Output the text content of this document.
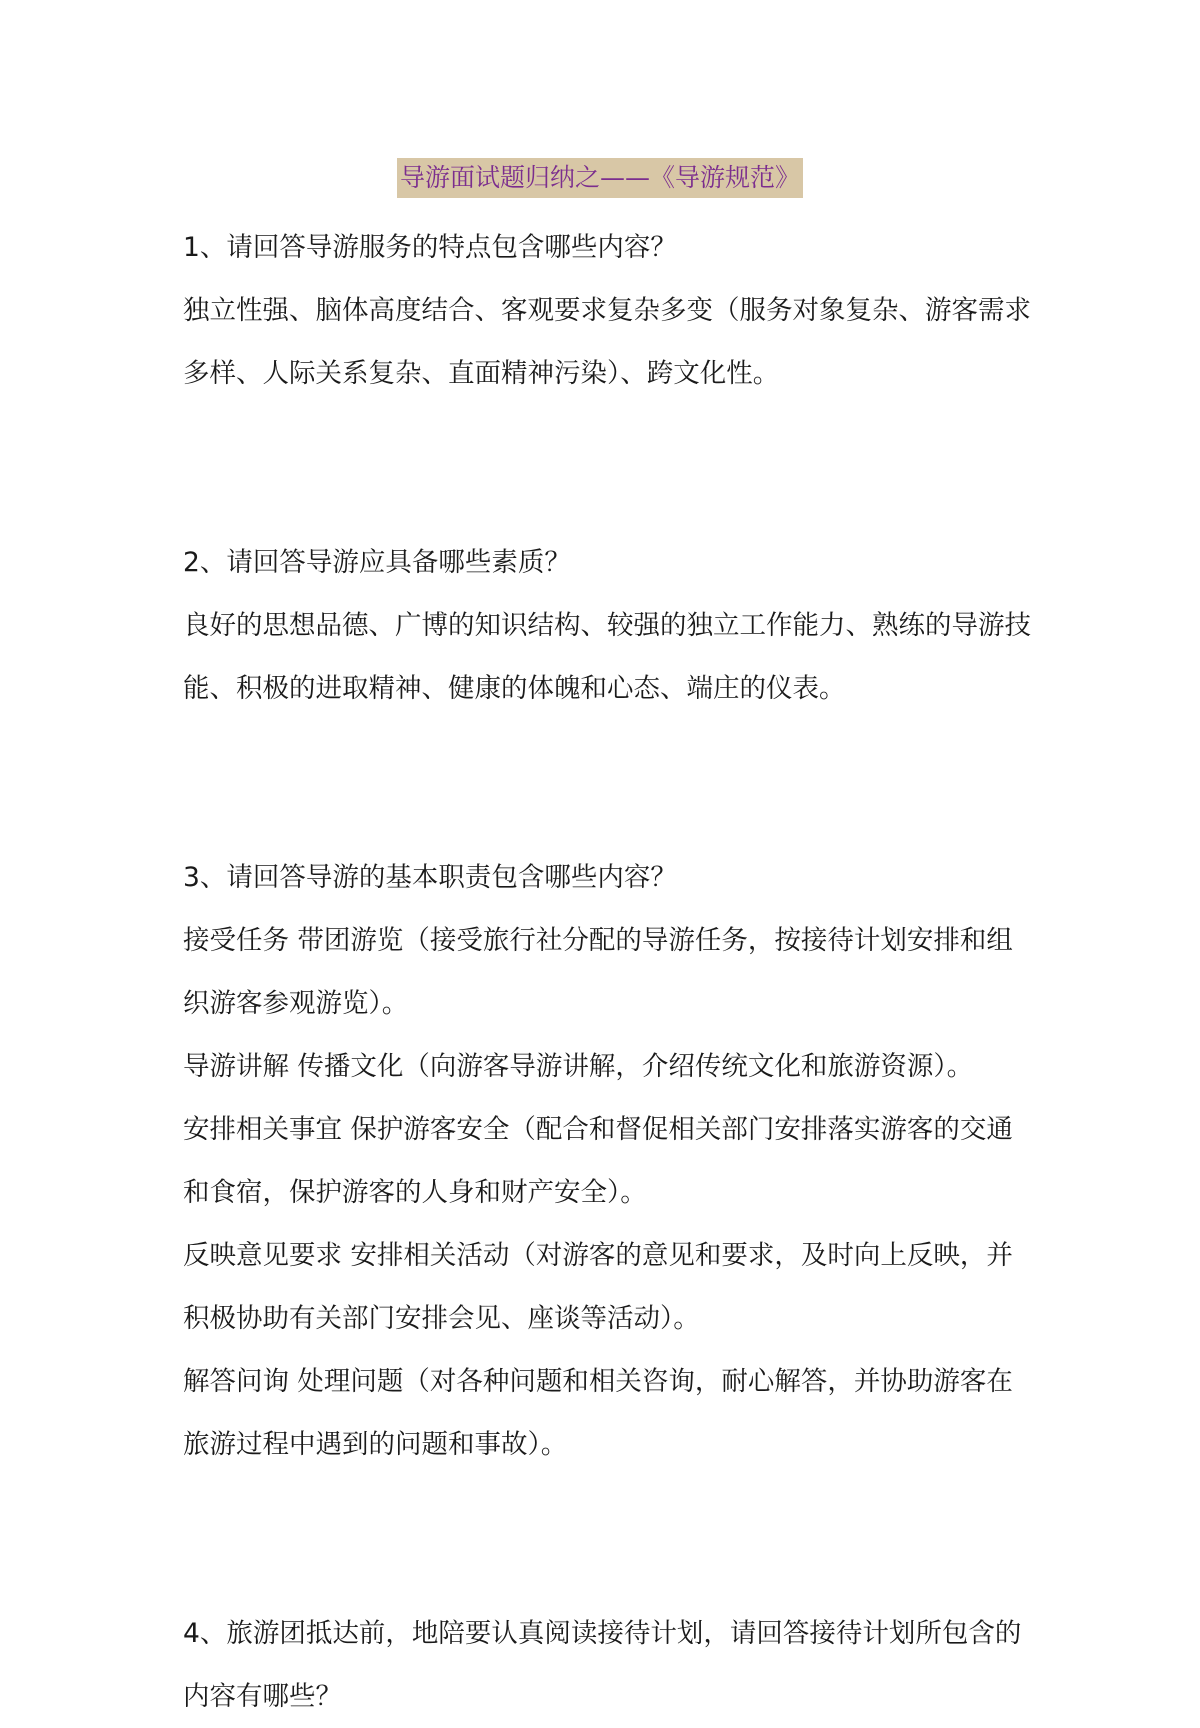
导游面试题归纳之——《导游规范》

1、请回答导游服务的特点包含哪些内容？

独立性强、脑体高度结合、客观要求复杂多变（服务对象复杂、游客需求多样、人际关系复杂、直面精神污染）、跨文化性。

2、请回答导游应具备哪些素质？

良好的思想品德、广博的知识结构、较强的独立工作能力、熟练的导游技能、积极的进取精神、健康的体魄和心态、端庄的仪表。

3、请回答导游的基本职责包含哪些内容？

接受任务 带团游览（接受旅行社分配的导游任务，按接待计划安排和组织游客参观游览）。

导游讲解 传播文化（向游客导游讲解，介绍传统文化和旅游资源）。

安排相关事宜 保护游客安全（配合和督促相关部门安排落实游客的交通和食宿，保护游客的人身和财产安全）。

反映意见要求 安排相关活动（对游客的意见和要求，及时向上反映，并积极协助有关部门安排会见、座谈等活动）。

解答问询 处理问题（对各种问题和相关咨询，耐心解答，并协助游客在旅游过程中遇到的问题和事故）。

4、旅游团抵达前，地陪要认真阅读接待计划，请回答接待计划所包含的内容有哪些？
